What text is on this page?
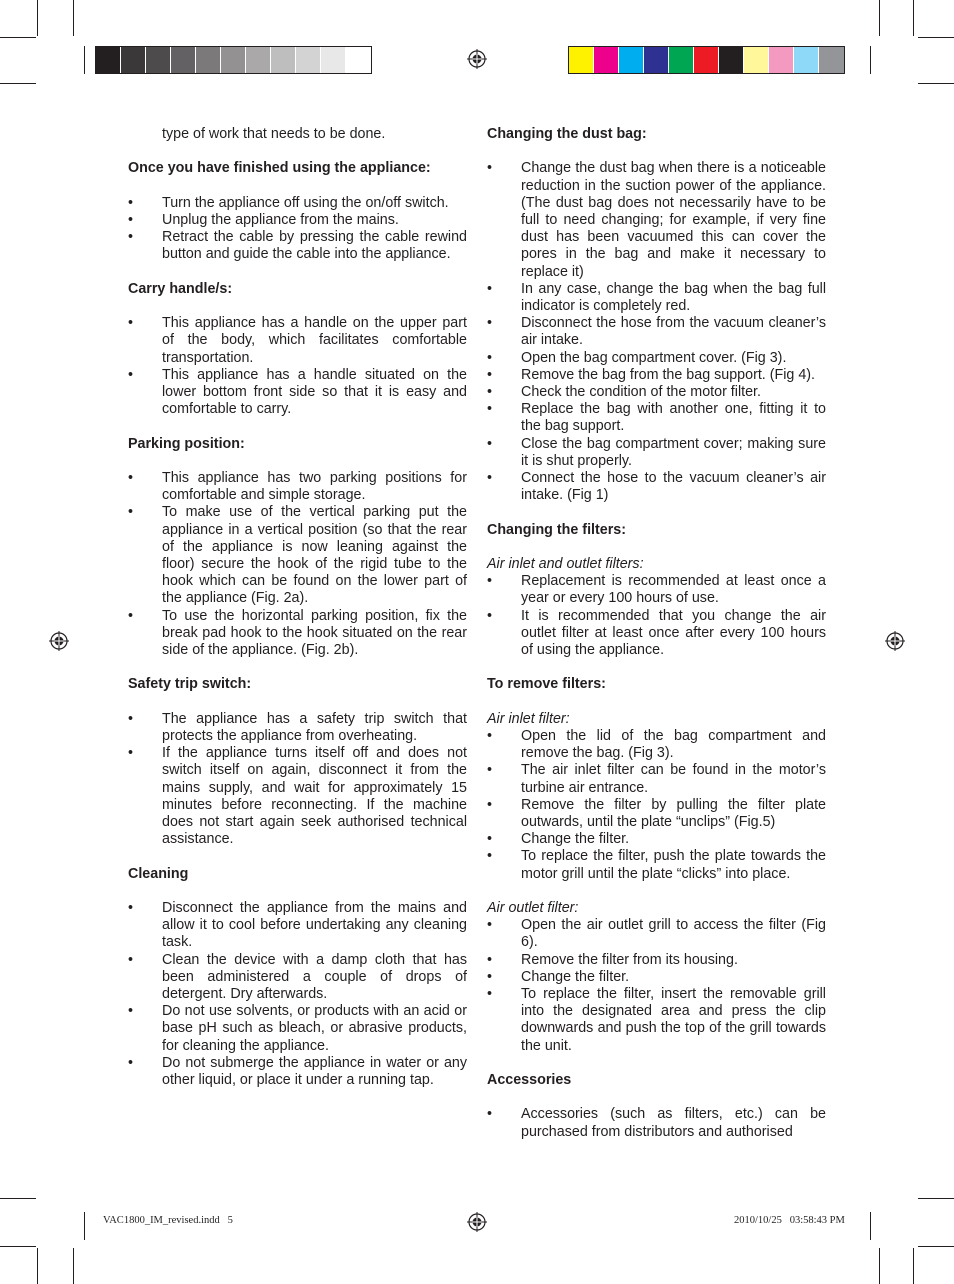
type of work that needs to be done.

Once you have finished using the appliance:

•	Turn the appliance off using the on/off switch.
•	Unplug the appliance from the mains.
•	Retract the cable by pressing the cable rewind button and guide the cable into the appliance.

Carry handle/s:

•	This appliance has a handle on the upper part of the body, which facilitates comfortable transportation.
•	This appliance has a handle situated on the lower bottom front side so that it is easy and comfortable to carry.

Parking position:

•	This appliance has two parking positions for comfortable and simple storage.
•	To make use of the vertical parking put the appliance in a vertical position (so that the rear of the appliance is now leaning against the floor) secure the hook of the rigid tube to the hook which can be found on the lower part of the appliance (Fig. 2a).
•	To use the horizontal parking position, fix the break pad hook to the hook situated on the rear side of the appliance. (Fig. 2b).

Safety trip switch:

•	The appliance has a safety trip switch that protects the appliance from overheating.
•	If the appliance turns itself off and does not switch itself on again, disconnect it from the mains supply, and wait for approximately 15 minutes before reconnecting. If the machine does not start again seek authorised technical assistance.

Cleaning

•	Disconnect the appliance from the mains and allow it to cool before undertaking any cleaning task.
•	Clean the device with a damp cloth that has been administered a couple of drops of detergent. Dry afterwards.
•	Do not use solvents, or products with an acid or base pH such as bleach, or abrasive products, for cleaning the appliance.
•	Do not submerge the appliance in water or any other liquid, or place it under a running tap.

Changing the dust bag:

•	Change the dust bag when there is a noticeable reduction in the suction power of the appliance. (The dust bag does not necessarily have to be full to need changing; for example, if very fine dust has been vacuumed this can cover the pores in the bag and make it necessary to replace it)
•	In any case, change the bag when the bag full indicator is completely red.
•	Disconnect the hose from the vacuum cleaner’s air intake.
•	Open the bag compartment cover. (Fig 3).
•	Remove the bag from the bag support. (Fig 4).
•	Check the condition of the motor filter.
•	Replace the bag with another one, fitting it to the bag support.
•	Close the bag compartment cover; making sure it is shut properly.
•	Connect the hose to the vacuum cleaner’s air intake. (Fig 1)

Changing the filters:

Air inlet and outlet filters:

•	Replacement is recommended at least once a year or every 100 hours of use.
•	It is recommended that you change the air outlet filter at least once after every 100 hours of using the appliance.

To remove filters:

Air inlet filter:

•	Open the lid of the bag compartment and remove the bag. (Fig 3).
•	The air inlet filter can be found in the motor’s turbine air entrance.
•	Remove the filter by pulling the filter plate outwards, until the plate “unclips” (Fig.5)
•	Change the filter.
•	To replace the filter, push the plate towards the motor grill until the plate “clicks” into place.

Air outlet filter:

•	Open the air outlet grill to access the filter (Fig 6).
•	Remove the filter from its housing.
•	Change the filter.
•	To replace the filter, insert the removable grill into the designated area and press the clip downwards and push the top of the grill towards the unit.

Accessories

•	Accessories (such as filters, etc.) can be purchased from distributors and authorised
VAC1800_IM_revised.indd   5	2010/10/25   03:58:43 PM
